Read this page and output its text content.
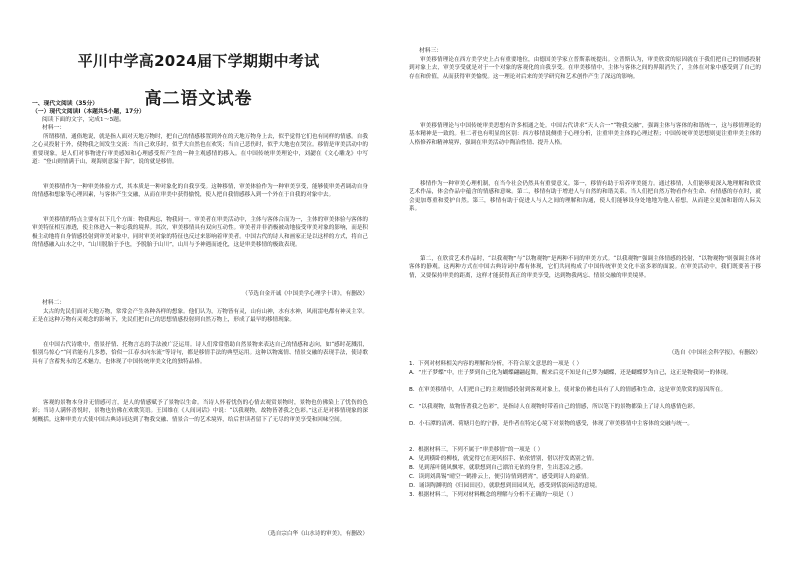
平川中学高2024届下学期期中考试
高二语文试卷
一、现代文阅读（35分）
（一）现代文阅读Ⅰ（本题共5小题，17分）
阅读下面的文字，完成1～5题。
材料一：
所谓移情，通俗地说，就是指人面对天地万物时，把自己的情感移置到外在的天地万物身上去，似乎觉得它们也有同样的情感。自我之心灵投射于外，使物我之间发生交流：当自己欢乐时，似乎大自然也在欢笑；当自己悲伤时，似乎大地也在哭泣。移情是审美活动中的重要现象，是人们对事物进行审美感知和心理感受所产生的一种主观感情的移入。在中国传统审美理论中，刘勰在《文心雕龙》中写道：“登山则情满于山，观海则意溢于海”，说的就是移情。
审美移情作为一种审美体验方式，其本质是一种对象化的自我享受。这种移情，审美体验作为一种审美享受，能够使审美者调动自身的情感和想象等心理因素，与客体产生交融，从而在审美中获得愉悦，使人把自我情感移入到一个外在于自我的对象中去。
审美移情的特点主要有以下几个方面：物我两忘，物我同一。审美者在审美活动中，主体与客体合而为一，主体的审美体验与客体的审美特征相互渗透，使主体进入一种忘我的境界。其次，审美移情具有双向互动性。审美者并非消极被动地接受审美对象的影响，而是积极主动地将自身情感投射到审美对象中，同时审美对象的特征也反过来影响着审美者。中国古代的诗人和画家正是以这样的方式，将自己的情感融入山水之中，“山川脱胎于予也，予脱胎于山川”，山川与予神遇而迹化，这是审美移情的极致表现。
（节选自金开诚《中国美学心理学十讲》，有删改）
材料二：
太古的先民们面对天地万物，常常会产生各种各样的想象。他们认为，万物皆有灵，山有山神，水有水神，风雨雷电都有神灵主宰。正是在这种万物有灵观念的影响下，先民们把自己的思想情感投射到自然万物上，形成了最早的移情现象。
在中国古代诗歌中，借景抒情、托物言志的手法被广泛运用。诗人们常常借助自然景物来表达自己的情感和志向，如“感时花溅泪，恨别鸟惊心”“问君能有几多愁，恰似一江春水向东流”等诗句，都是移情手法的典型运用。这种以物寓情、情景交融的表现手法，使诗歌具有了含蓄隽永的艺术魅力，也体现了中国传统审美文化的独特品格。
客观的景物本身并无情感可言，是人的情感赋予了景物以生命。当诗人怀着忧伤的心情去观赏景物时，景物也仿佛染上了忧伤的色彩；当诗人满怀喜悦时，景物也仿佛在欢歌笑语。王国维在《人间词话》中说：“以我观物，故物皆著我之色彩。”这正是对移情现象的深刻概括。这种审美方式使中国古典诗词达到了物我交融、情景合一的艺术境界，给后世读者留下了无尽的审美享受和回味空间。
（选自宗白华《山水诗的审美》，有删改）
材料三：
审美移情理论在西方美学史上占有重要地位，由德国美学家立普斯系统提出。立普斯认为，审美欣赏的原因就在于我们把自己的情感投射到对象上去，审美享受就是对于一个对象的客观化的自我享受。在审美移情中，主体与客体之间的界限消失了，主体在对象中感受到了自己的存在和价值，从而获得审美愉悦。这一理论对后来的美学研究和艺术创作产生了深远的影响。
审美移情理论与中国传统审美思想有许多相通之处。中国古代讲求“天人合一”“物我交融”，强调主体与客体的和谐统一，这与移情理论的基本精神是一致的。但二者也有明显的区别：西方移情说侧重于心理分析，注重审美主体的心理过程；中国传统审美思想则更注重审美主体的人格修养和精神境界，强调在审美活动中陶冶性情、提升人格。
移情作为一种审美心理机制，在当今社会仍然具有重要意义。第一，移情有助于培养审美能力。通过移情，人们能够更深入地理解和欣赏艺术作品，体会作品中蕴含的情感和意味。第二，移情有助于增进人与自然的和谐关系。当人们把自然万物看作有生命、有情感的存在时，就会更加尊重和爱护自然。第三，移情有助于促进人与人之间的理解和沟通，使人们能够设身处地地为他人着想，从而建立更加和谐的人际关系。
第二，在欣赏艺术作品时，“以我观物”与“以物观物”是两种不同的审美方式。“以我观物”强调主体情感的投射，“以物观物”则强调主体对客体的静观。这两种方式在中国古典诗词中都有体现，它们共同构成了中国传统审美文化丰富多彩的面貌。在审美活动中，我们既要善于移情，又要保持审美的距离，这样才能获得真正的审美享受，达到物我两忘、情景交融的审美境界。
（选自《中国社会科学报》，有删改）
1．下列对材料相关内容的理解和分析，不符合原文意思的一项是（ ）
A．“庄子梦蝶”中，庄子梦到自己化为蝴蝶翩翩起舞，醒来后竟不知是自己梦为蝴蝶，还是蝴蝶梦为自己，这正是物我同一的体现。
B．在审美移情中，人们把自己的主观情感投射到客观对象上，使对象仿佛也具有了人的情感和生命，这是审美欣赏的原因所在。
C．“以我观物，故物皆著我之色彩”，是指诗人在观物时带着自己的情感，所以笔下的景物都染上了诗人的感情色彩。
D．小石潭的清冽、荷塘月色的宁静，是作者在特定心境下对景物的感受，体现了审美移情中主客体的交融与统一。
2．根据材料三，下列不属于“审美移情”的一项是（ ）
A．见到横卧的柳枝，就觉得它在迎风招手、依依惜别，借以抒发离别之情。
B．见到落叶随风飘零，就联想到自己漂泊无依的身世，生出悲凉之感。
C．读到刘禹锡“晴空一鹤排云上，便引诗情到碧霄”，感受到诗人的豪情。
D．诵读陶渊明的《归园田居》，就联想到田园风光，感受到恬淡闲适的意境。
3．根据材料二，下列对材料概念的理解与分析不正确的一项是（ ）
